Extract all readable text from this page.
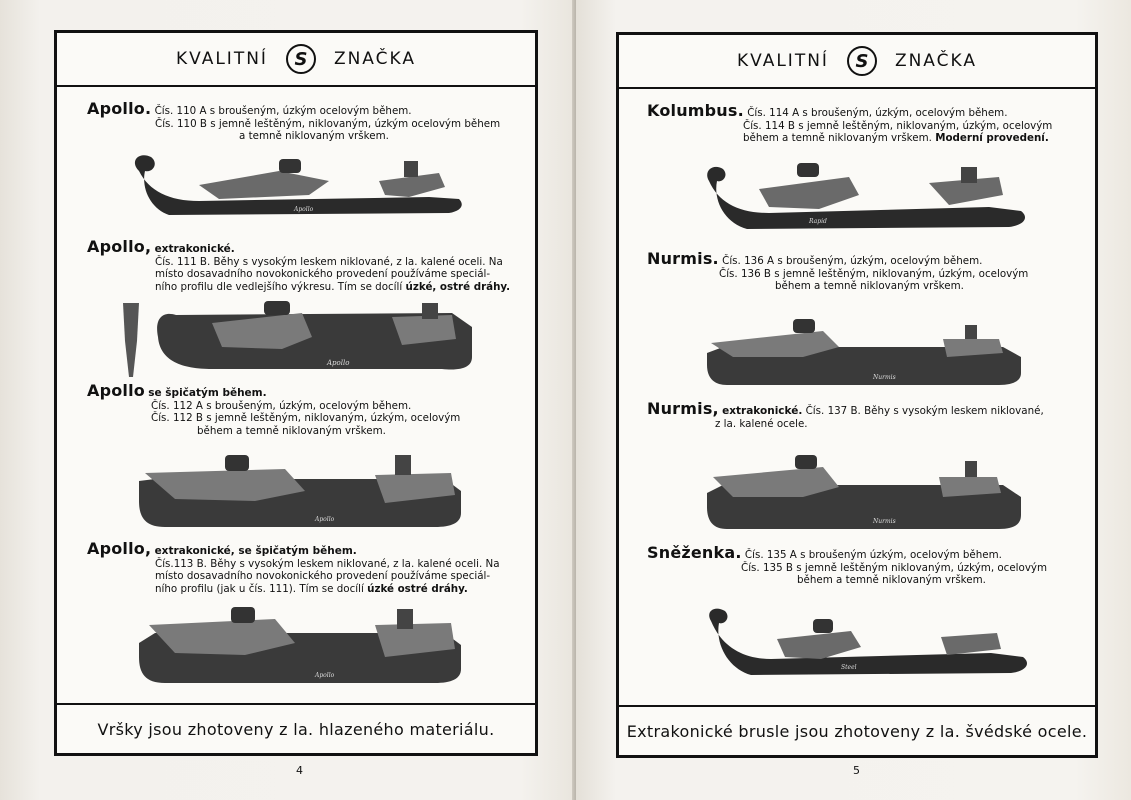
KVALITNÍ S ZNAČKA
Apollo. Čís. 110 A s broušeným, úzkým ocelovým během.
Čís. 110 B s jemně leštěným, niklovaným, úzkým ocelovým během
a temně niklovaným vrškem.
Apollo
Apollo, extrakonické.
Čís. 111 B. Běhy s vysokým leskem niklované, z la. kalené oceli. Na
místo dosavadního novokonického provedení používáme speciál-
ního profilu dle vedlejšího výkresu. Tím se docílí úzké, ostré dráhy.
Apollo
Apollo se špičatým během.
Čís. 112 A s broušeným, úzkým, ocelovým během.
Čís. 112 B s jemně leštěným, niklovaným, úzkým, ocelovým
během a temně niklovaným vrškem.
Apollo
Apollo, extrakonické, se špičatým během.
Čís.113 B. Běhy s vysokým leskem niklované, z la. kalené oceli. Na
místo dosavadního novokonického provedení používáme speciál-
ního profilu (jak u čís. 111). Tím se docílí úzké ostré dráhy.
Apollo
Vršky jsou zhotoveny z la. hlazeného materiálu.
4
KVALITNÍ S ZNAČKA
Kolumbus. Čís. 114 A s broušeným, úzkým, ocelovým během.
Čís. 114 B s jemně leštěným, niklovaným, úzkým, ocelovým
během a temně niklovaným vrškem. Moderní provedení.
Rapid
Nurmis. Čís. 136 A s broušeným, úzkým, ocelovým během.
Čís. 136 B s jemně leštěným, niklovaným, úzkým, ocelovým
během a temně niklovaným vrškem.
Nurmis
Nurmis, extrakonické. Čís. 137 B. Běhy s vysokým leskem niklované,
z la. kalené ocele.
Nurmis
Sněženka. Čís. 135 A s broušeným úzkým, ocelovým během.
Čís. 135 B s jemně leštěným niklovaným, úzkým, ocelovým
během a temně niklovaným vrškem.
Steel
Extrakonické brusle jsou zhotoveny z la. švédské ocele.
5
